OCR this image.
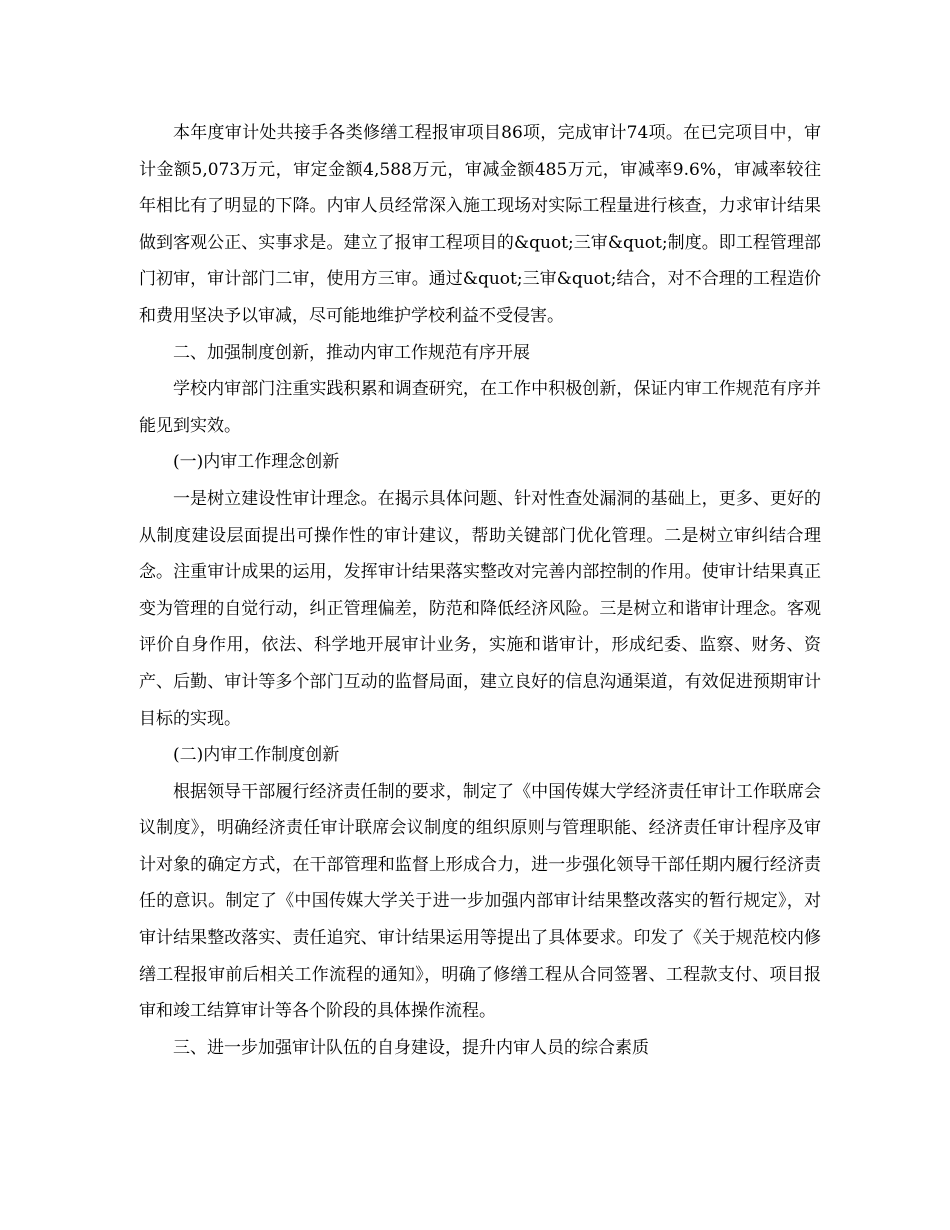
本年度审计处共接手各类修缮工程报审项目86项，完成审计74项。在已完项目中，审计金额5,073万元，审定金额4,588万元，审减金额485万元，审减率9.6%，审减率较往年相比有了明显的下降。内审人员经常深入施工现场对实际工程量进行核查，力求审计结果做到客观公正、实事求是。建立了报审工程项目的&quot;三审&quot;制度。即工程管理部门初审，审计部门二审，使用方三审。通过&quot;三审&quot;结合，对不合理的工程造价和费用坚决予以审减，尽可能地维护学校利益不受侵害。

二、加强制度创新，推动内审工作规范有序开展

学校内审部门注重实践积累和调查研究，在工作中积极创新，保证内审工作规范有序并能见到实效。

(一)内审工作理念创新

一是树立建设性审计理念。在揭示具体问题、针对性查处漏洞的基础上，更多、更好的从制度建设层面提出可操作性的审计建议，帮助关键部门优化管理。二是树立审纠结合理念。注重审计成果的运用，发挥审计结果落实整改对完善内部控制的作用。使审计结果真正变为管理的自觉行动，纠正管理偏差，防范和降低经济风险。三是树立和谐审计理念。客观评价自身作用，依法、科学地开展审计业务，实施和谐审计，形成纪委、监察、财务、资产、后勤、审计等多个部门互动的监督局面，建立良好的信息沟通渠道，有效促进预期审计目标的实现。

(二)内审工作制度创新

根据领导干部履行经济责任制的要求，制定了《中国传媒大学经济责任审计工作联席会议制度》，明确经济责任审计联席会议制度的组织原则与管理职能、经济责任审计程序及审计对象的确定方式，在干部管理和监督上形成合力，进一步强化领导干部任期内履行经济责任的意识。制定了《中国传媒大学关于进一步加强内部审计结果整改落实的暂行规定》，对审计结果整改落实、责任追究、审计结果运用等提出了具体要求。印发了《关于规范校内修缮工程报审前后相关工作流程的通知》，明确了修缮工程从合同签署、工程款支付、项目报审和竣工结算审计等各个阶段的具体操作流程。

三、进一步加强审计队伍的自身建设，提升内审人员的综合素质
